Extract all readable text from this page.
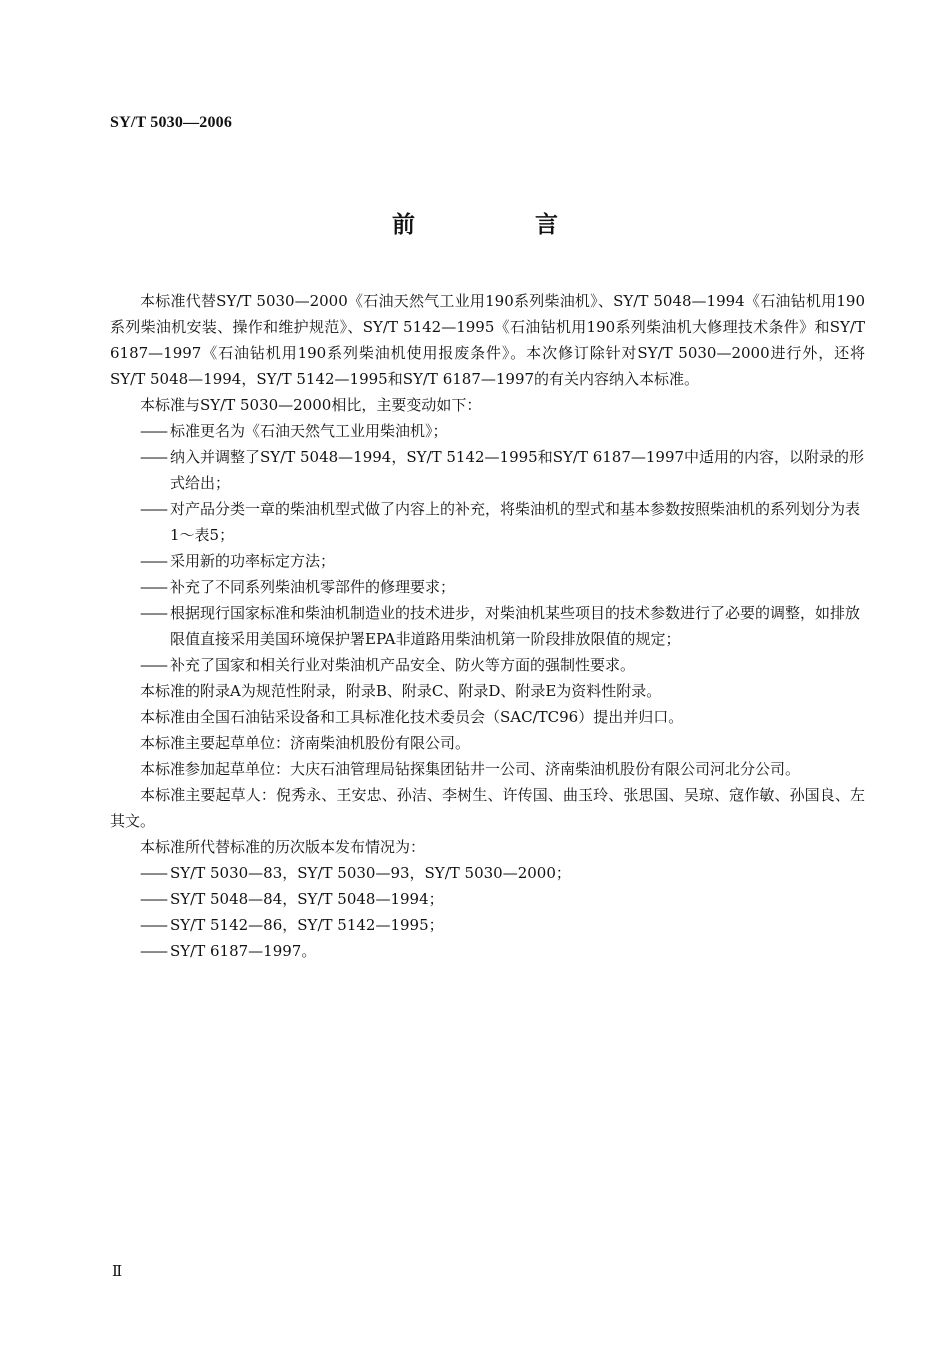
SY/T 5030—2006
前 言

本标准代替SY/T 5030—2000《石油天然气工业用190系列柴油机》、SY/T 5048—1994《石油钻机用190系列柴油机安装、操作和维护规范》、SY/T 5142—1995《石油钻机用190系列柴油机大修理技术条件》和SY/T 6187—1997《石油钻机用190系列柴油机使用报废条件》。本次修订除针对SY/T 5030—2000进行外，还将SY/T 5048—1994，SY/T 5142—1995和SY/T 6187—1997的有关内容纳入本标准。

本标准与SY/T 5030—2000相比，主要变动如下：

—— 标准更名为《石油天然气工业用柴油机》；

—— 纳入并调整了SY/T 5048—1994，SY/T 5142—1995和SY/T 6187—1997中适用的内容，以附录的形式给出；

—— 对产品分类一章的柴油机型式做了内容上的补充，将柴油机的型式和基本参数按照柴油机的系列划分为表1～表5；

—— 采用新的功率标定方法；

—— 补充了不同系列柴油机零部件的修理要求；

—— 根据现行国家标准和柴油机制造业的技术进步，对柴油机某些项目的技术参数进行了必要的调整，如排放限值直接采用美国环境保护署EPA非道路用柴油机第一阶段排放限值的规定；

—— 补充了国家和相关行业对柴油机产品安全、防火等方面的强制性要求。

本标准的附录A为规范性附录，附录B、附录C、附录D、附录E为资料性附录。

本标准由全国石油钻采设备和工具标准化技术委员会（SAC/TC96）提出并归口。

本标准主要起草单位：济南柴油机股份有限公司。

本标准参加起草单位：大庆石油管理局钻探集团钻井一公司、济南柴油机股份有限公司河北分公司。

本标准主要起草人：倪秀永、王安忠、孙洁、李树生、许传国、曲玉玲、张思国、吴琼、寇作敏、孙国良、左其文。

本标准所代替标准的历次版本发布情况为：

—— SY/T 5030—83，SY/T 5030—93，SY/T 5030—2000；

—— SY/T 5048—84，SY/T 5048—1994；

—— SY/T 5142—86，SY/T 5142—1995；

—— SY/T 6187—1997。

Ⅱ
